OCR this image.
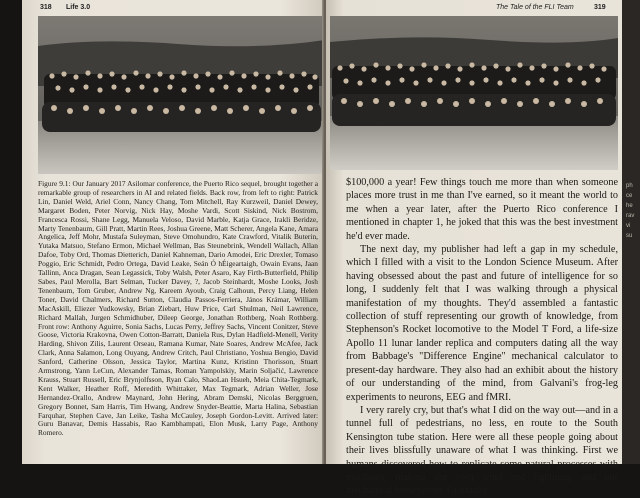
ph
ce
he
rav
vi
su
318 Life 3.0

Figure 9.1: Our January 2017 Asilomar conference, the Puerto Rico sequel, brought together a remarkable group of researchers in AI and related fields. Back row, from left to right: Patrick Lin, Daniel Weld, Ariel Conn, Nancy Chang, Tom Mitchell, Ray Kurzweil, Daniel Dewey, Margaret Boden, Peter Norvig, Nick Hay, Moshe Vardi, Scott Siskind, Nick Bostrom, Francesca Rossi, Shane Legg, Manuela Veloso, David Marble, Katja Grace, Irakli Beridze, Marty Tenenbaum, Gill Pratt, Martin Rees, Joshua Greene, Matt Scherer, Angela Kane, Amara Angelica, Jeff Mohr, Mustafa Suleyman, Steve Omohundro, Kate Crawford, Vitalik Buterin, Yutaka Matsuo, Stefano Ermon, Michael Wellman, Bas Steunebrink, Wendell Wallach, Allan Dafoe, Toby Ord, Thomas Dietterich, Daniel Kahneman, Dario Amodei, Eric Drexler, Tomaso Poggio, Eric Schmidt, Pedro Ortega, David Leake, Seán Ó hÉigeartaigh, Owain Evans, Jaan Tallinn, Anca Dragan, Sean Legassick, Toby Walsh, Peter Asaro, Kay Firth-Butterfield, Philip Sabes, Paul Merolla, Bart Selman, Tucker Davey, ?, Jacob Steinhardt, Moshe Looks, Josh Tenenbaum, Tom Gruber, Andrew Ng, Kareem Ayoub, Craig Calhoun, Percy Liang, Helen Toner, David Chalmers, Richard Sutton, Claudia Passos-Ferriera, János Krámar, William MacAskill, Eliezer Yudkowsky, Brian Ziebart, Huw Price, Carl Shulman, Neil Lawrence, Richard Mallah, Jurgen Schmidhuber, Dileep George, Jonathan Rothberg, Noah Rothberg. Front row: Anthony Aguirre, Sonia Sachs, Lucas Perry, Jeffrey Sachs, Vincent Conitzer, Steve Goose, Victoria Krakovna, Owen Cotton-Barratt, Daniela Rus, Dylan Hadfield-Menell, Verity Harding, Shivon Zilis, Laurent Orseau, Ramana Kumar, Nate Soares, Andrew McAfee, Jack Clark, Anna Salamon, Long Ouyang, Andrew Critch, Paul Christiano, Yoshua Bengio, David Sanford, Catherine Olsson, Jessica Taylor, Martina Kunz, Kristinn Thorisson, Stuart Armstrong, Yann LeCun, Alexander Tamas, Roman Yampolskiy, Marin Soljačić, Lawrence Krauss, Stuart Russell, Eric Brynjolfsson, Ryan Calo, ShaoLan Hsueh, Meia Chita-Tegmark, Kent Walker, Heather Roff, Meredith Whittaker, Max Tegmark, Adrian Weller, Jose Hernandez-Orallo, Andrew Maynard, John Hering, Abram Demski, Nicolas Berggruen, Gregory Bonnet, Sam Harris, Tim Hwang, Andrew Snyder-Beattie, Marta Halina, Sebastian Farquhar, Stephen Cave, Jan Leike, Tasha McCauley, Joseph Gordon-Levitt. Arrived later: Guru Banavar, Demis Hassabis, Rao Kambhampati, Elon Musk, Larry Page, Anthony Romero.

The Tale of the FLI Team	319

$100,000 a year! Few things touch me more than when someone places more trust in me than I've earned, so it meant the world to me when a year later, after the Puerto Rico conference I mentioned in chapter 1, he joked that this was the best investment he'd ever made.

The next day, my publisher had left a gap in my schedule, which I filled with a visit to the London Science Museum. After having obsessed about the past and future of intelligence for so long, I suddenly felt that I was walking through a physical manifestation of my thoughts. They'd assembled a fantastic collection of stuff representing our growth of knowledge, from Stephenson's Rocket locomotive to the Model T Ford, a life-size Apollo 11 lunar lander replica and computers dating all the way from Babbage's "Difference Engine" mechanical calculator to present-day hardware. They also had an exhibit about the history of our understanding of the mind, from Galvani's frog-leg experiments to neurons, EEG and fMRI.

I very rarely cry, but that's what I did on the way out—and in a tunnel full of pedestrians, no less, en route to the South Kensington tube station. Here were all these people going about their lives blissfully unaware of what I was thinking. First we humans discovered how to replicate some natural processes with machines, making our own wind and lightning, and our mechanical horsepower. Gradually,
